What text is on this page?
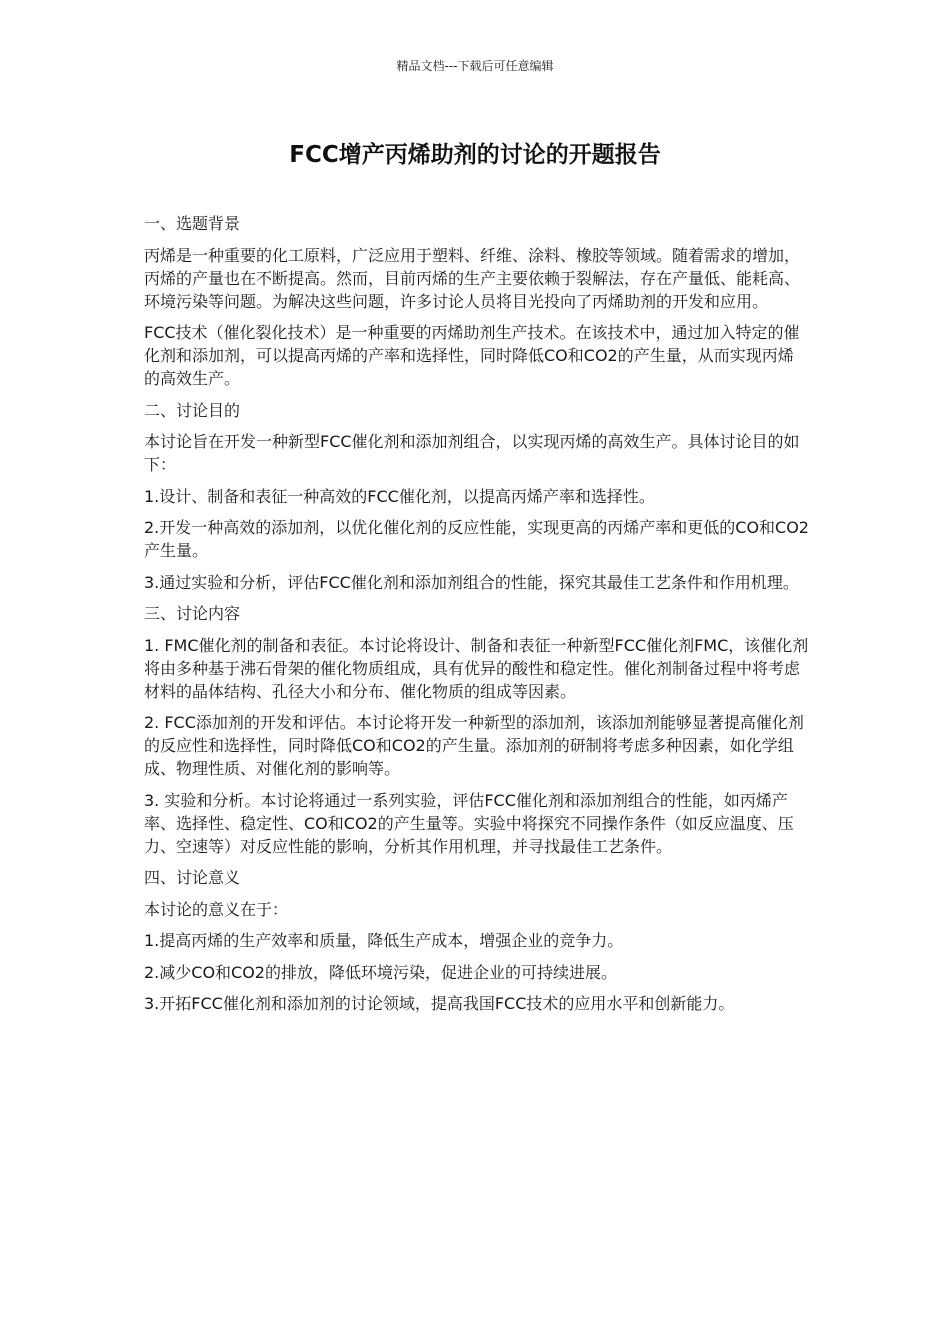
精品文档---下载后可任意编辑
FCC增产丙烯助剂的讨论的开题报告

一、选题背景

丙烯是一种重要的化工原料，广泛应用于塑料、纤维、涂料、橡胶等领域。随着需求的增加，丙烯的产量也在不断提高。然而，目前丙烯的生产主要依赖于裂解法，存在产量低、能耗高、环境污染等问题。为解决这些问题，许多讨论人员将目光投向了丙烯助剂的开发和应用。

FCC技术（催化裂化技术）是一种重要的丙烯助剂生产技术。在该技术中，通过加入特定的催化剂和添加剂，可以提高丙烯的产率和选择性，同时降低CO和CO2的产生量，从而实现丙烯的高效生产。

二、讨论目的

本讨论旨在开发一种新型FCC催化剂和添加剂组合，以实现丙烯的高效生产。具体讨论目的如下：

1.设计、制备和表征一种高效的FCC催化剂，以提高丙烯产率和选择性。

2.开发一种高效的添加剂，以优化催化剂的反应性能，实现更高的丙烯产率和更低的CO和CO2产生量。

3.通过实验和分析，评估FCC催化剂和添加剂组合的性能，探究其最佳工艺条件和作用机理。

三、讨论内容

1. FMC催化剂的制备和表征。本讨论将设计、制备和表征一种新型FCC催化剂FMC，该催化剂将由多种基于沸石骨架的催化物质组成，具有优异的酸性和稳定性。催化剂制备过程中将考虑材料的晶体结构、孔径大小和分布、催化物质的组成等因素。

2. FCC添加剂的开发和评估。本讨论将开发一种新型的添加剂，该添加剂能够显著提高催化剂的反应性和选择性，同时降低CO和CO2的产生量。添加剂的研制将考虑多种因素，如化学组成、物理性质、对催化剂的影响等。

3. 实验和分析。本讨论将通过一系列实验，评估FCC催化剂和添加剂组合的性能，如丙烯产率、选择性、稳定性、CO和CO2的产生量等。实验中将探究不同操作条件（如反应温度、压力、空速等）对反应性能的影响，分析其作用机理，并寻找最佳工艺条件。

四、讨论意义

本讨论的意义在于：

1.提高丙烯的生产效率和质量，降低生产成本，增强企业的竞争力。

2.减少CO和CO2的排放，降低环境污染，促进企业的可持续进展。

3.开拓FCC催化剂和添加剂的讨论领域，提高我国FCC技术的应用水平和创新能力。
